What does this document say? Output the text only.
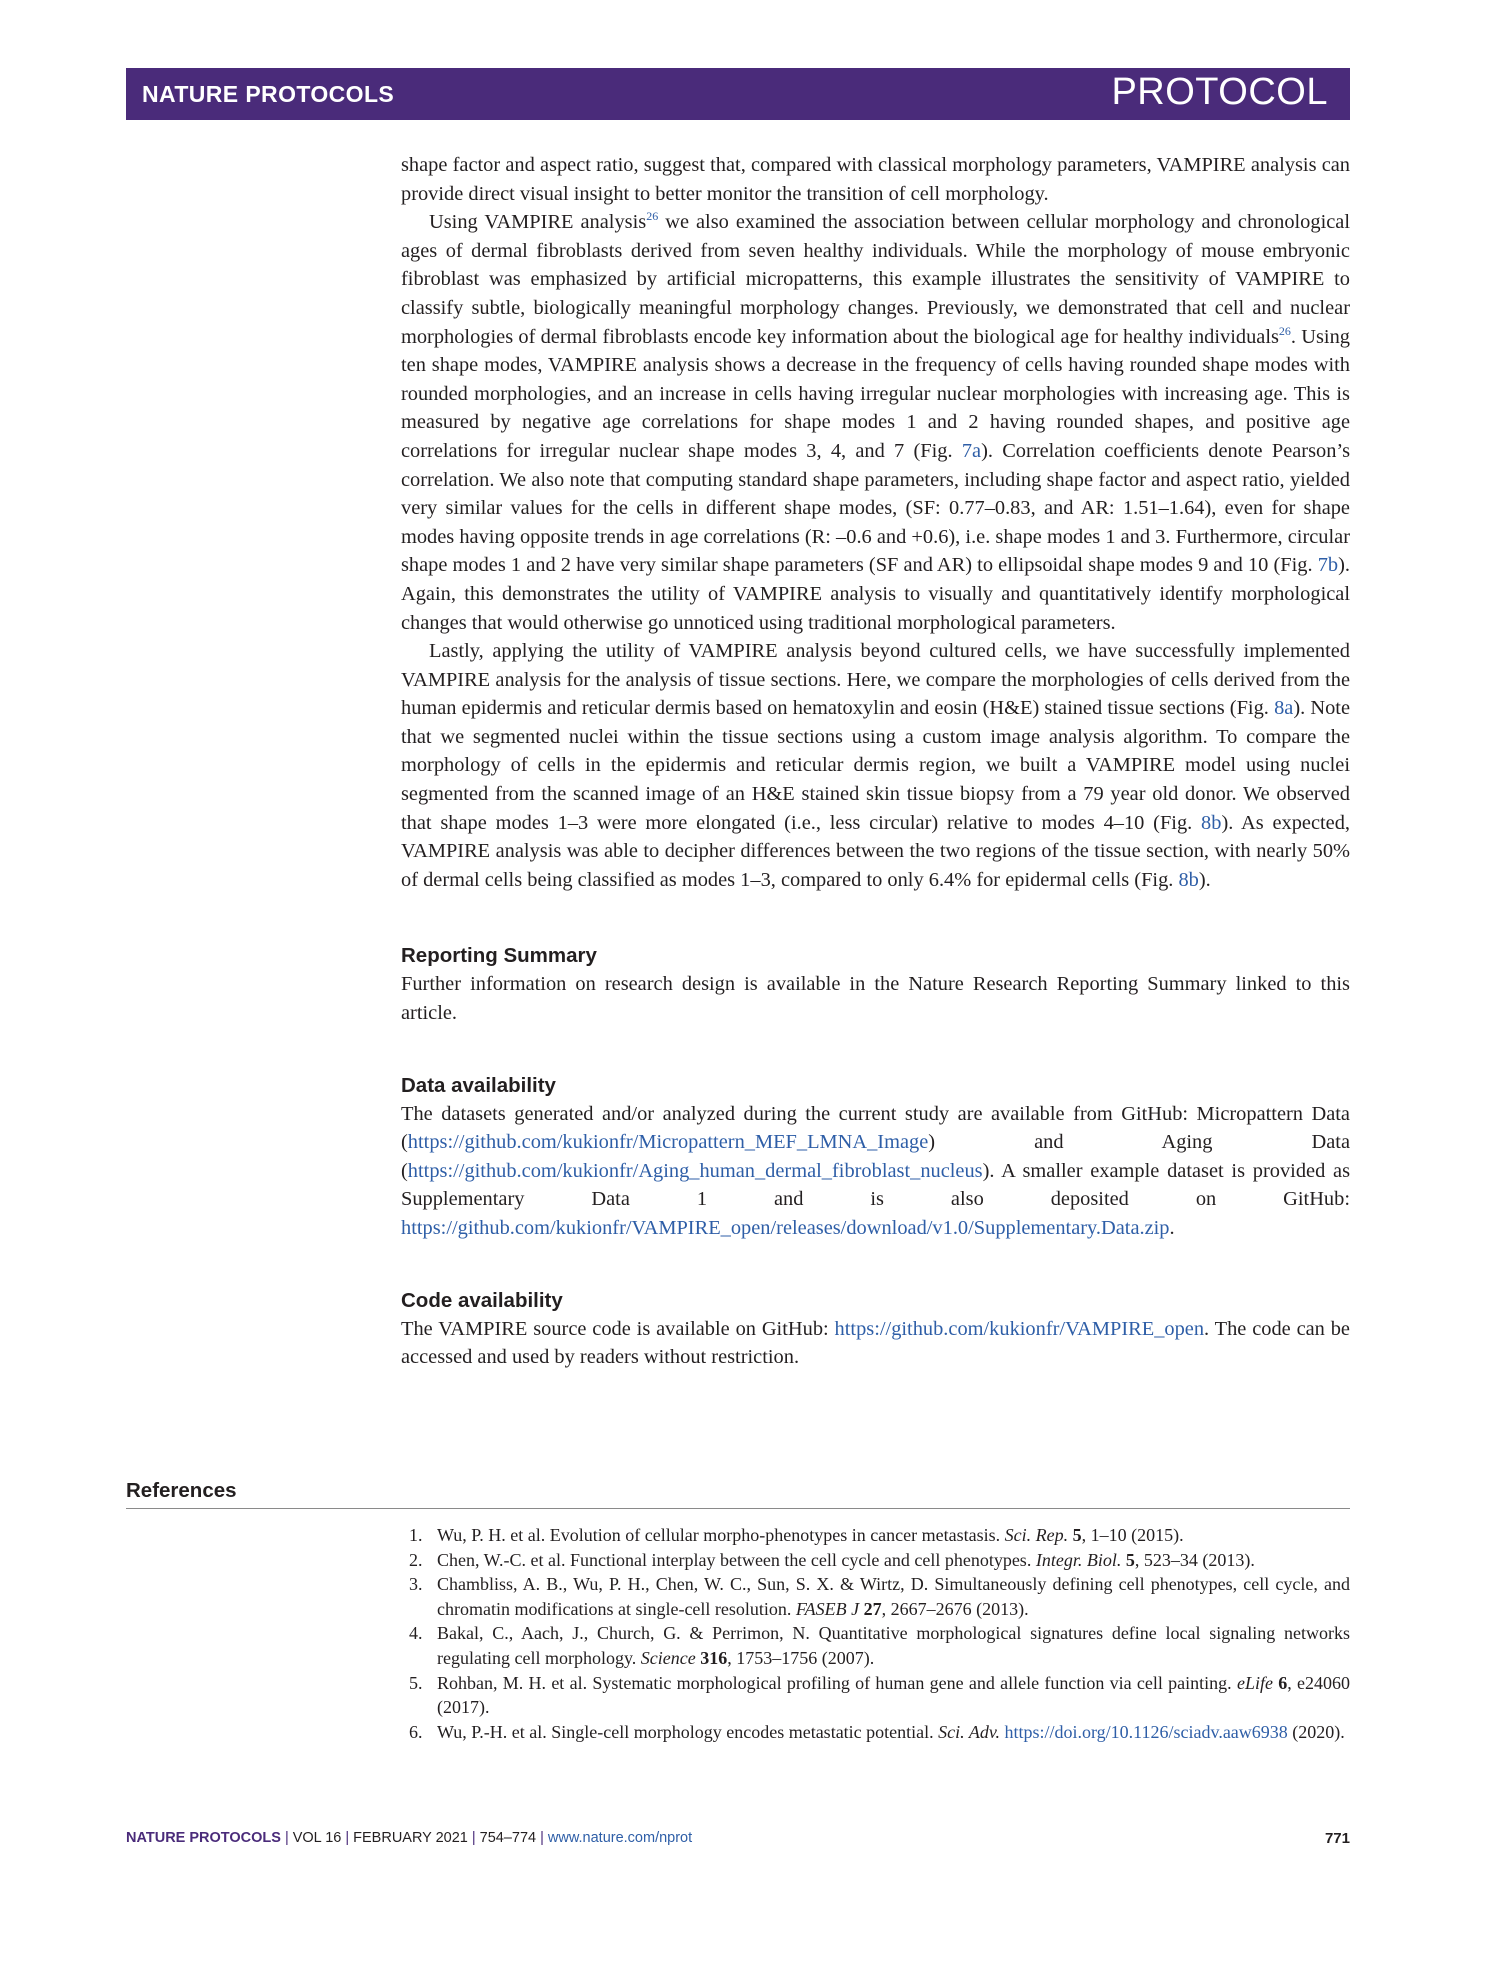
NATURE PROTOCOLS	PROTOCOL

shape factor and aspect ratio, suggest that, compared with classical morphology parameters, VAMPIRE analysis can provide direct visual insight to better monitor the transition of cell morphology.

Using VAMPIRE analysis$^{26}$ we also examined the association between cellular morphology and chronological ages of dermal fibroblasts derived from seven healthy individuals. While the morphology of mouse embryonic fibroblast was emphasized by artificial micropatterns, this example illustrates the sensitivity of VAMPIRE to classify subtle, biologically meaningful morphology changes. Previously, we demonstrated that cell and nuclear morphologies of dermal fibroblasts encode key information about the biological age for healthy individuals$^{26}$. Using ten shape modes, VAMPIRE analysis shows a decrease in the frequency of cells having rounded shape modes with rounded morphologies, and an increase in cells having irregular nuclear morphologies with increasing age. This is measured by negative age correlations for shape modes 1 and 2 having rounded shapes, and positive age correlations for irregular nuclear shape modes 3, 4, and 7 (Fig. 7a). Correlation coefficients denote Pearson’s correlation. We also note that computing standard shape parameters, including shape factor and aspect ratio, yielded very similar values for the cells in different shape modes, (SF: 0.77–0.83, and AR: 1.51–1.64), even for shape modes having opposite trends in age correlations (R: –0.6 and +0.6), i.e. shape modes 1 and 3. Furthermore, circular shape modes 1 and 2 have very similar shape parameters (SF and AR) to ellipsoidal shape modes 9 and 10 (Fig. 7b). Again, this demonstrates the utility of VAMPIRE analysis to visually and quantitatively identify morphological changes that would otherwise go unnoticed using traditional morphological parameters.

Lastly, applying the utility of VAMPIRE analysis beyond cultured cells, we have successfully implemented VAMPIRE analysis for the analysis of tissue sections. Here, we compare the morphologies of cells derived from the human epidermis and reticular dermis based on hematoxylin and eosin (H&E) stained tissue sections (Fig. 8a). Note that we segmented nuclei within the tissue sections using a custom image analysis algorithm. To compare the morphology of cells in the epidermis and reticular dermis region, we built a VAMPIRE model using nuclei segmented from the scanned image of an H&E stained skin tissue biopsy from a 79 year old donor. We observed that shape modes 1–3 were more elongated (i.e., less circular) relative to modes 4–10 (Fig. 8b). As expected, VAMPIRE analysis was able to decipher differences between the two regions of the tissue section, with nearly 50% of dermal cells being classified as modes 1–3, compared to only 6.4% for epidermal cells (Fig. 8b).

Reporting Summary

Further information on research design is available in the Nature Research Reporting Summary linked to this article.

Data availability

The datasets generated and/or analyzed during the current study are available from GitHub: Micropattern Data (https://github.com/kukionfr/Micropattern_MEF_LMNA_Image) and Aging Data (https://github.com/kukionfr/Aging_human_dermal_fibroblast_nucleus). A smaller example dataset is provided as Supplementary Data 1 and is also deposited on GitHub: https://github.com/kukionfr/VAMPIRE_open/releases/download/v1.0/Supplementary.Data.zip.

Code availability

The VAMPIRE source code is available on GitHub: https://github.com/kukionfr/VAMPIRE_open. The code can be accessed and used by readers without restriction.

References
1. Wu, P. H. et al. Evolution of cellular morpho-phenotypes in cancer metastasis. Sci. Rep. 5, 1–10 (2015).
2. Chen, W.-C. et al. Functional interplay between the cell cycle and cell phenotypes. Integr. Biol. 5, 523–34 (2013).
3. Chambliss, A. B., Wu, P. H., Chen, W. C., Sun, S. X. & Wirtz, D. Simultaneously defining cell phenotypes, cell cycle, and chromatin modifications at single-cell resolution. FASEB J 27, 2667–2676 (2013).
4. Bakal, C., Aach, J., Church, G. & Perrimon, N. Quantitative morphological signatures define local signaling networks regulating cell morphology. Science 316, 1753–1756 (2007).
5. Rohban, M. H. et al. Systematic morphological profiling of human gene and allele function via cell painting. eLife 6, e24060 (2017).
6. Wu, P.-H. et al. Single-cell morphology encodes metastatic potential. Sci. Adv. https://doi.org/10.1126/sciadv.aaw6938 (2020).
NATURE PROTOCOLS | VOL 16 | FEBRUARY 2021 | 754–774 | www.nature.com/nprot	771
